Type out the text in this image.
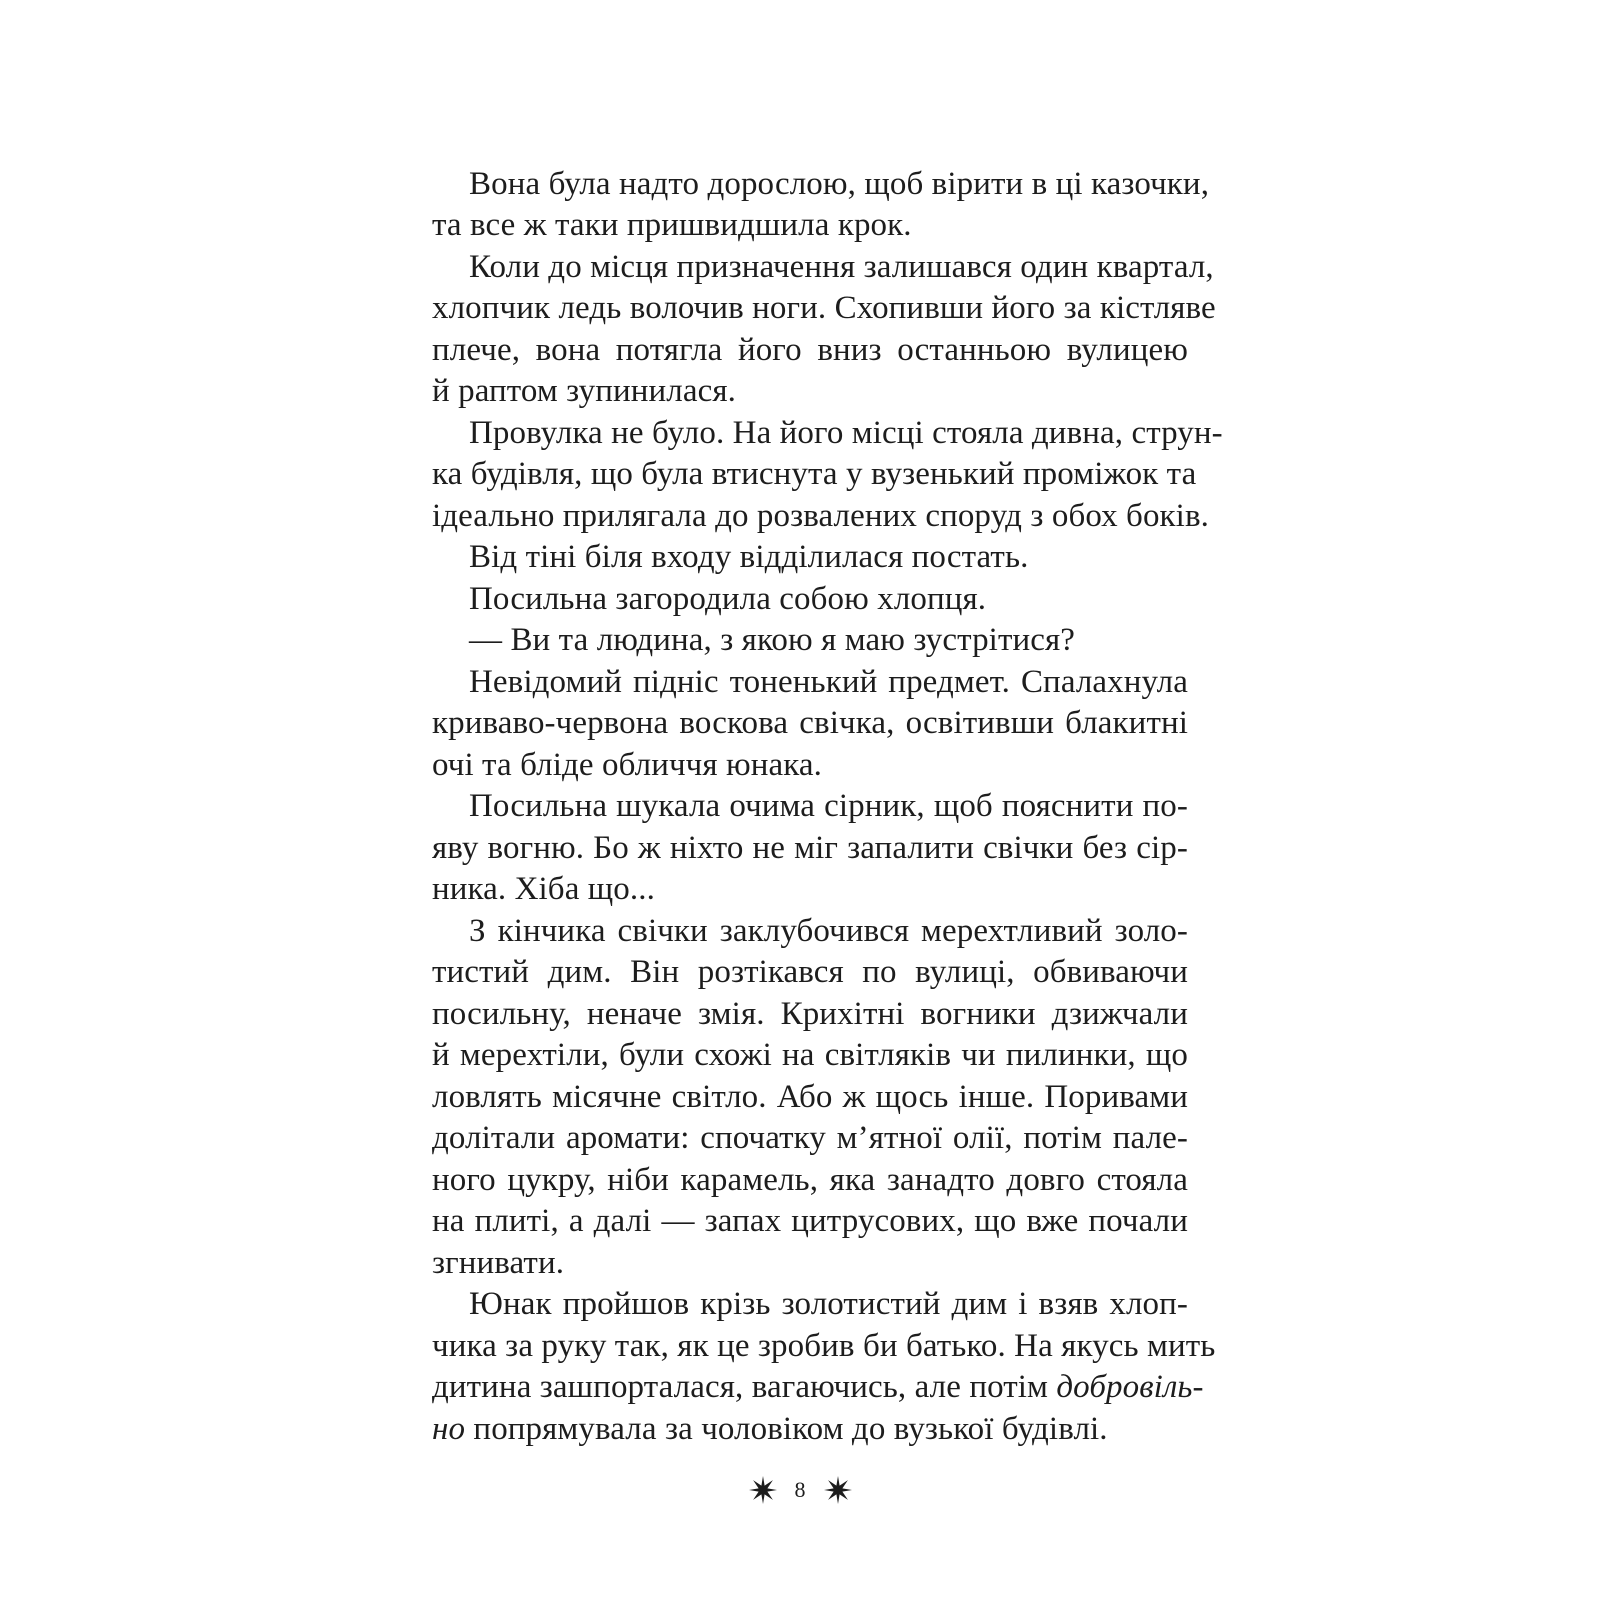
Вона була надто дорослою, щоб вірити в ці казочки,
та все ж таки пришвидшила крок.
Коли до місця призначення залишався один квартал,
хлопчик ледь волочив ноги. Схопивши його за кістляве
плече, вона потягла його вниз останньою вулицею
й раптом зупинилася.
Провулка не було. На його місці стояла дивна, струн-
ка будівля, що була втиснута у вузенький проміжок та
ідеально прилягала до розвалених споруд з обох боків.
Від тіні біля входу відділилася постать.
Посильна загородила собою хлопця.
— Ви та людина, з якою я маю зустрітися?
Невідомий підніс тоненький предмет. Спалахнула
криваво-червона воскова свічка, освітивши блакитні
очі та бліде обличчя юнака.
Посильна шукала очима сірник, щоб пояснити по-
яву вогню. Бо ж ніхто не міг запалити свічки без сір-
ника. Хіба що...
З кінчика свічки заклубочився мерехтливий золо-
тистий дим. Він розтікався по вулиці, обвиваючи
посильну, неначе змія. Крихітні вогники дзижчали
й мерехтіли, були схожі на світляків чи пилинки, що
ловлять місячне світло. Або ж щось інше. Поривами
долітали аромати: спочатку м’ятної олії, потім пале-
ного цукру, ніби карамель, яка занадто довго стояла
на плиті, а далі — запах цитрусових, що вже почали
згнивати.
Юнак пройшов крізь золотистий дим і взяв хлоп-
чика за руку так, як це зробив би батько. На якусь мить
дитина зашпорталася, вагаючись, але потім добровіль-
но попрямувала за чоловіком до вузької будівлі.
8
